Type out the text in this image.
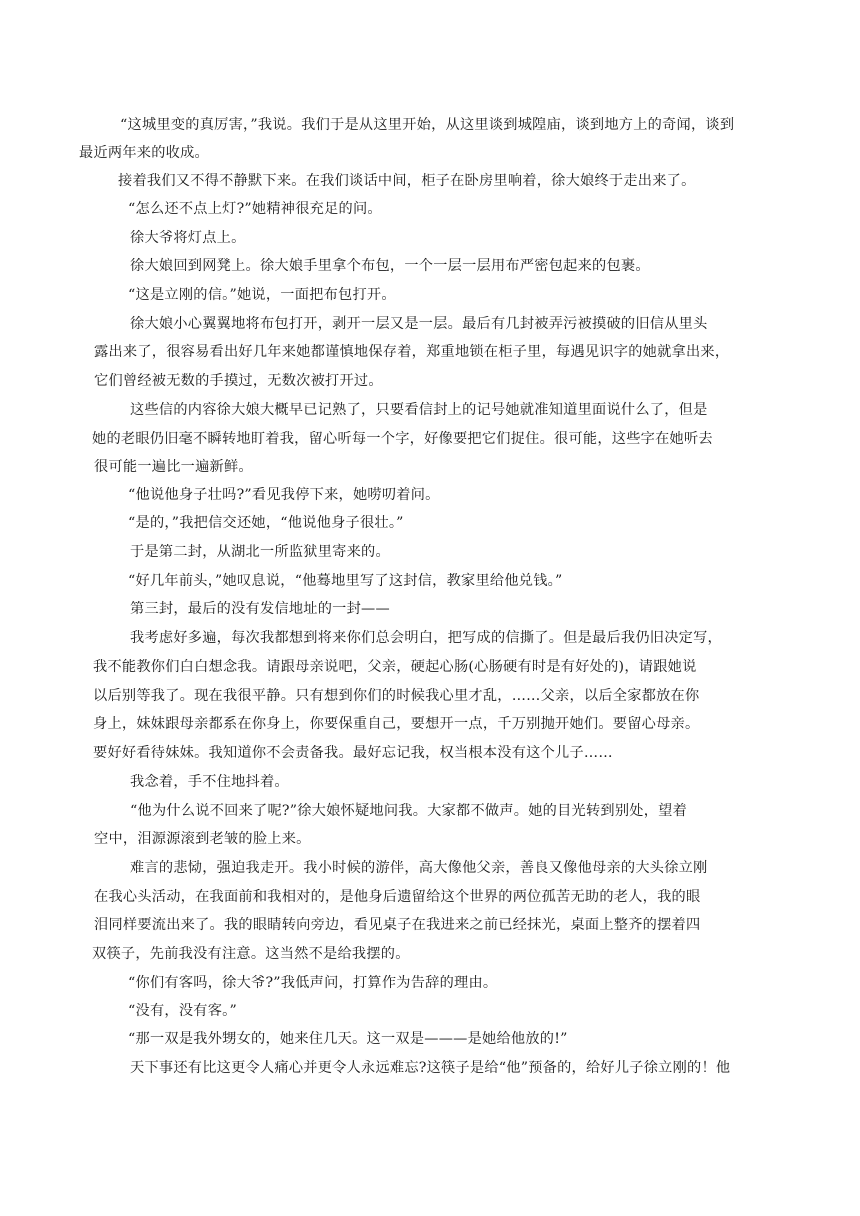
“这城里变的真厉害，”我说。我们于是从这里开始，从这里谈到城隍庙，谈到地方上的奇闻，谈到

最近两年来的收成。

接着我们又不得不静默下来。在我们谈话中间，柜子在卧房里响着，徐大娘终于走出来了。

“怎么还不点上灯?”她精神很充足的问。

徐大爷将灯点上。

徐大娘回到网凳上。徐大娘手里拿个布包，一个一层一层用布严密包起来的包裹。

“这是立刚的信。”她说，一面把布包打开。

徐大娘小心翼翼地将布包打开，剥开一层又是一层。最后有几封被弄污被摸破的旧信从里头

露出来了，很容易看出好几年来她都谨慎地保存着，郑重地锁在柜子里，每遇见识字的她就拿出来，

它们曾经被无数的手摸过，无数次被打开过。

这些信的内容徐大娘大概早已记熟了，只要看信封上的记号她就准知道里面说什么了，但是

她的老眼仍旧毫不瞬转地盯着我，留心听每一个字，好像要把它们捉住。很可能，这些字在她听去

很可能一遍比一遍新鲜。

“他说他身子壮吗?”看见我停下来，她唠叨着问。

“是的，”我把信交还她，“他说他身子很壮。”

于是第二封，从湖北一所监狱里寄来的。

“好几年前头，”她叹息说，“他蓦地里写了这封信，教家里给他兑钱。”

第三封，最后的没有发信地址的一封——

我考虑好多遍，每次我都想到将来你们总会明白，把写成的信撕了。但是最后我仍旧决定写，

我不能教你们白白想念我。请跟母亲说吧，父亲，硬起心肠(心肠硬有时是有好处的)，请跟她说

以后别等我了。现在我很平静。只有想到你们的时候我心里才乱，……父亲，以后全家都放在你

身上，妹妹跟母亲都系在你身上，你要保重自己，要想开一点，千万别抛开她们。要留心母亲。

要好好看待妹妹。我知道你不会责备我。最好忘记我，权当根本没有这个儿子……

我念着，手不住地抖着。

“他为什么说不回来了呢?”徐大娘怀疑地问我。大家都不做声。她的目光转到别处，望着

空中，泪源源滚到老皱的脸上来。

难言的悲恸，强迫我走开。我小时候的游伴，高大像他父亲，善良又像他母亲的大头徐立刚

在我心头活动，在我面前和我相对的，是他身后遗留给这个世界的两位孤苦无助的老人，我的眼

泪同样要流出来了。我的眼睛转向旁边，看见桌子在我进来之前已经抹光，桌面上整齐的摆着四

双筷子，先前我没有注意。这当然不是给我摆的。

“你们有客吗，徐大爷?”我低声问，打算作为告辞的理由。

“没有，没有客。”

“那一双是我外甥女的，她来住几天。这一双是———是她给他放的!”

天下事还有比这更令人痛心并更令人永远难忘?这筷子是给“他”预备的，给好儿子徐立刚的！他
